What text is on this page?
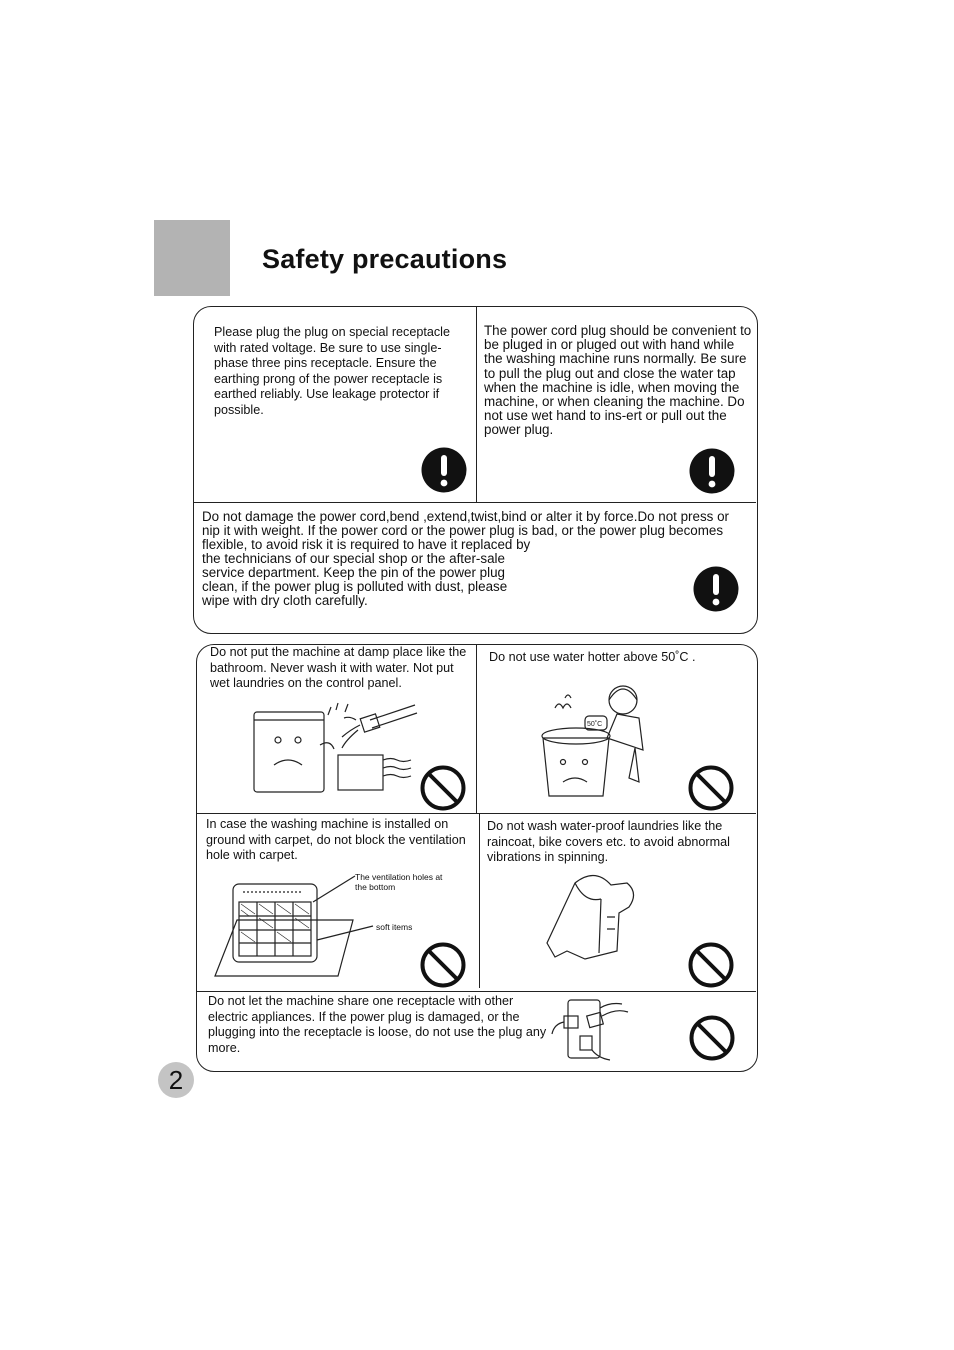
Safety precautions

Please plug the plug on special receptacle with rated voltage. Be sure to use single-phase three pins receptacle. Ensure the earthing prong of the power receptacle is earthed reliably. Use leakage protector if possible.

The power cord plug should be convenient to be pluged in or pluged out with hand while the washing machine runs normally. Be sure to pull the plug out and close the water tap when the machine is idle, when moving the machine, or when cleaning the machine. Do not use wet hand to ins-ert or pull out the power plug.

Do not damage the power cord,bend ,extend,twist,bind or alter it by force.Do not press or

nip it with weight. If the power cord or the power plug is bad, or the power plug becomes

flexible, to avoid risk it is required to have it replaced by

the technicians of our special shop or the after-sale

service department. Keep the pin of the power plug

clean, if the power plug is polluted with dust, please

wipe with dry cloth carefully.

Do not put the machine at damp place like the bathroom. Never wash it with water. Not put wet laundries on the control panel.

Do not use water hotter above 50˚C .

In case the washing machine is installed on ground with carpet, do not block the ventilation hole with carpet.

Do not wash water-proof laundries like the raincoat, bike covers etc. to avoid abnormal vibrations in spinning.

Do not let the machine share one receptacle with other electric appliances. If the power plug is damaged, or the plugging into the receptacle is loose, do not use the plug any more.

The ventilation holes at the bottom

soft items

50˚C
2
